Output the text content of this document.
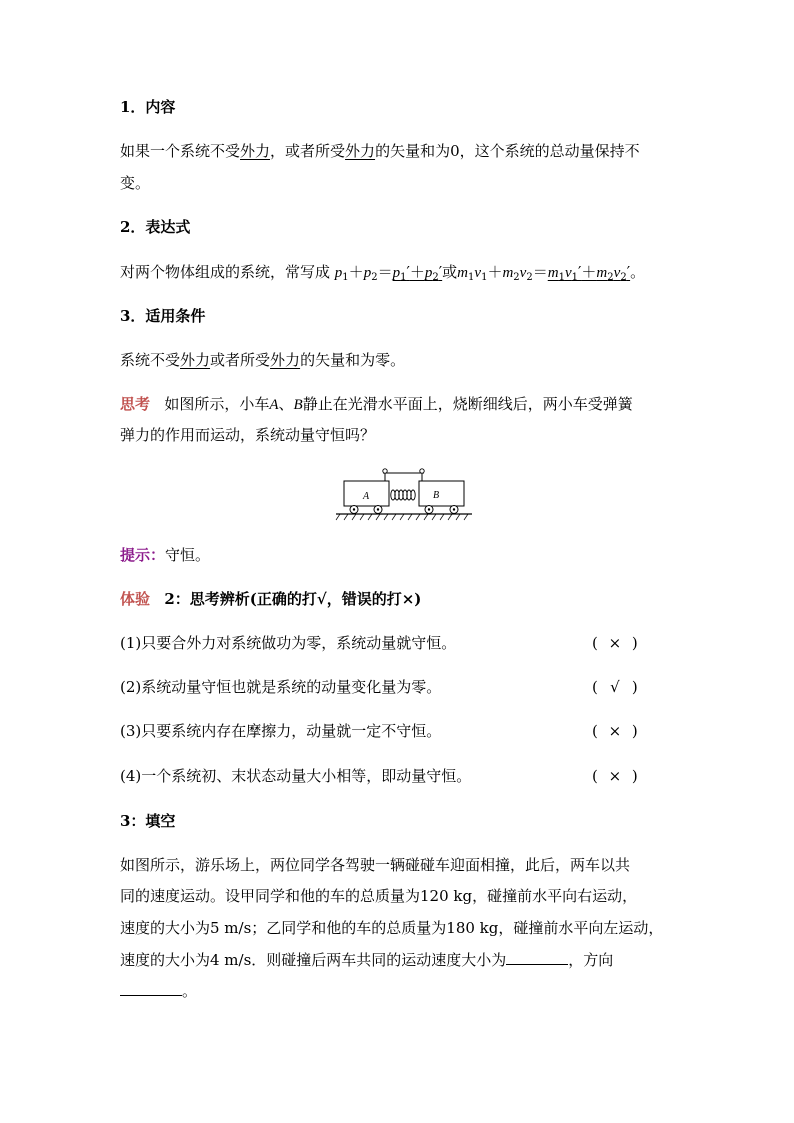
1．内容
如果一个系统不受外力，或者所受外力的矢量和为0，这个系统的总动量保持不
变。
2．表达式
对两个物体组成的系统，常写成 $p_1+p_2=p_1'+p_2'$或$m_1v_1+m_2v_2=m_1v_1'+m_2v_2'$。
3．适用条件
系统不受外力或者所受外力的矢量和为零。
思考 如图所示，小车A、B静止在光滑水平面上，烧断细线后，两小车受弹簧
弹力的作用而运动，系统动量守恒吗？
A	B
提示：守恒。
体验 2：思考辨析(正确的打√，错误的打×)
(1)只要合外力对系统做功为零，系统动量就守恒。	( × )
(2)系统动量守恒也就是系统的动量变化量为零。	( √ )
(3)只要系统内存在摩擦力，动量就一定不守恒。	( × )
(4)一个系统初、末状态动量大小相等，即动量守恒。	( × )
3：填空
如图所示，游乐场上，两位同学各驾驶一辆碰碰车迎面相撞，此后，两车以共
同的速度运动。设甲同学和他的车的总质量为120 kg，碰撞前水平向右运动，
速度的大小为5 m/s；乙同学和他的车的总质量为180 kg，碰撞前水平向左运动，
速度的大小为4 m/s．则碰撞后两车共同的运动速度大小为	，方向
。
